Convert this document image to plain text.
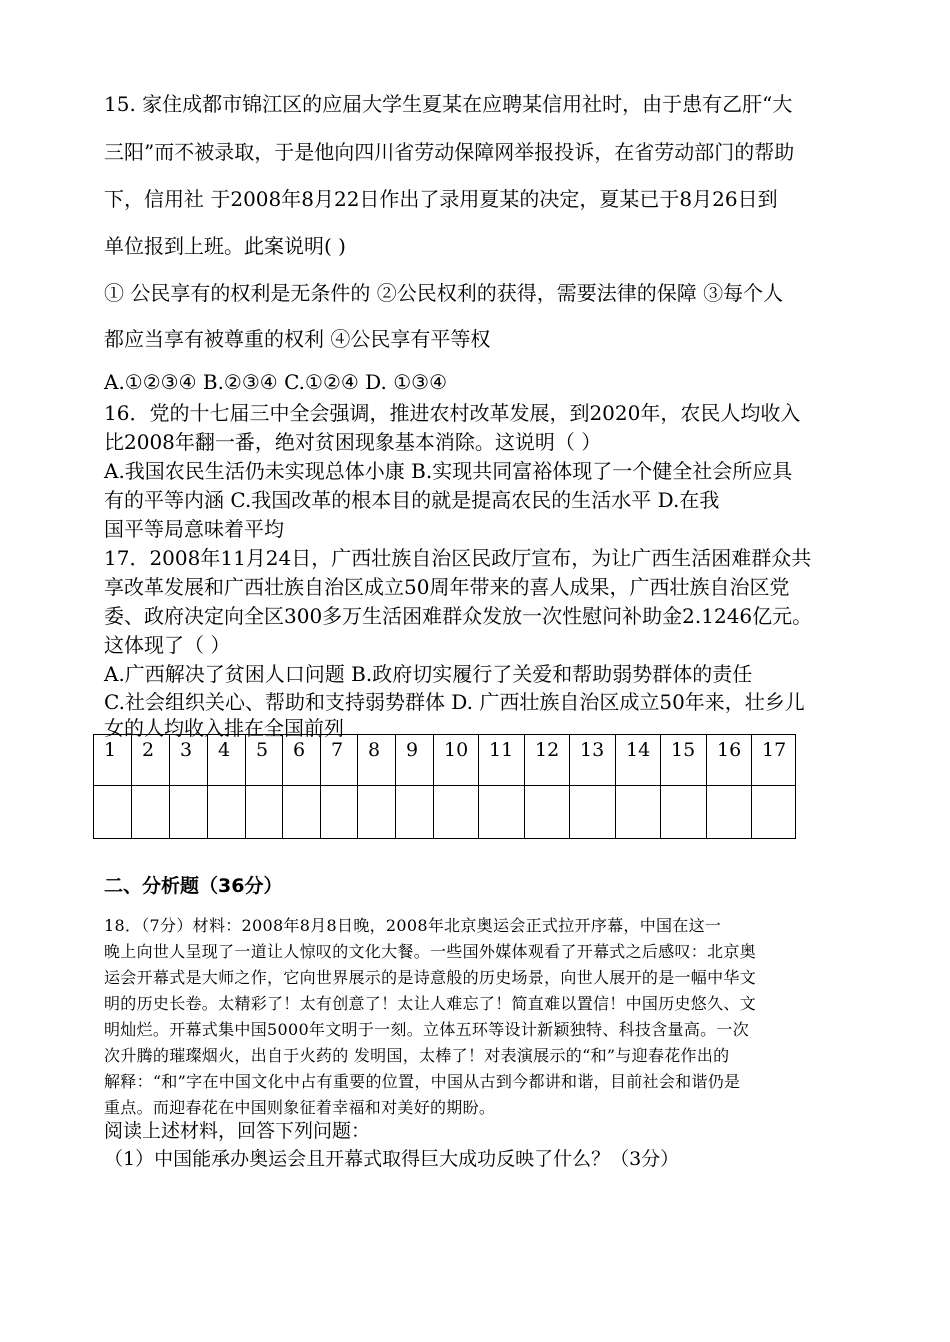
15. 家住成都市锦江区的应届大学生夏某在应聘某信用社时，由于患有乙肝“大
三阳”而不被录取，于是他向四川省劳动保障网举报投诉，在省劳动部门的帮助
下，信用社 于2008年8月22日作出了录用夏某的决定，夏某已于8月26日到
单位报到上班。此案说明( )
① 公民享有的权利是无条件的 ②公民权利的获得，需要法律的保障 ③每个人
都应当享有被尊重的权利 ④公民享有平等权
A.①②③④ B.②③④ C.①②④ D. ①③④
16．党的十七届三中全会强调，推进农村改革发展，到2020年，农民人均收入
比2008年翻一番，绝对贫困现象基本消除。这说明（ ）
A.我国农民生活仍未实现总体小康 B.实现共同富裕体现了一个健全社会所应具
有的平等内涵 C.我国改革的根本目的就是提高农民的生活水平 D.在我
国平等局意味着平均
17．2008年11月24日，广西壮族自治区民政厅宣布，为让广西生活困难群众共
享改革发展和广西壮族自治区成立50周年带来的喜人成果，广西壮族自治区党
委、政府决定向全区300多万生活困难群众发放一次性慰问补助金2.1246亿元。
这体现了（ ）
A.广西解决了贫困人口问题 B.政府切实履行了关爱和帮助弱势群体的责任
C.社会组织关心、帮助和支持弱势群体 D. 广西壮族自治区成立50年来，壮乡儿
女的人均收入排在全国前列
1	2	3	4	5	6	7	8	9	10	11	12	13	14	15	16	17

二、分析题（36分）
18．（7分）材料：2008年8月8日晚，2008年北京奥运会正式拉开序幕，中国在这一
晚上向世人呈现了一道让人惊叹的文化大餐。一些国外媒体观看了开幕式之后感叹：北京奥
运会开幕式是大师之作，它向世界展示的是诗意般的历史场景，向世人展开的是一幅中华文
明的历史长卷。太精彩了！太有创意了！太让人难忘了！简直难以置信！中国历史悠久、文
明灿烂。开幕式集中国5000年文明于一刻。立体五环等设计新颖独特、科技含量高。一次
次升腾的璀璨烟火，出自于火药的 发明国，太棒了！对表演展示的“和”与迎春花作出的
解释：“和”字在中国文化中占有重要的位置，中国从古到今都讲和谐，目前社会和谐仍是
重点。而迎春花在中国则象征着幸福和对美好的期盼。
阅读上述材料，回答下列问题：
（1）中国能承办奥运会且开幕式取得巨大成功反映了什么？（3分）
